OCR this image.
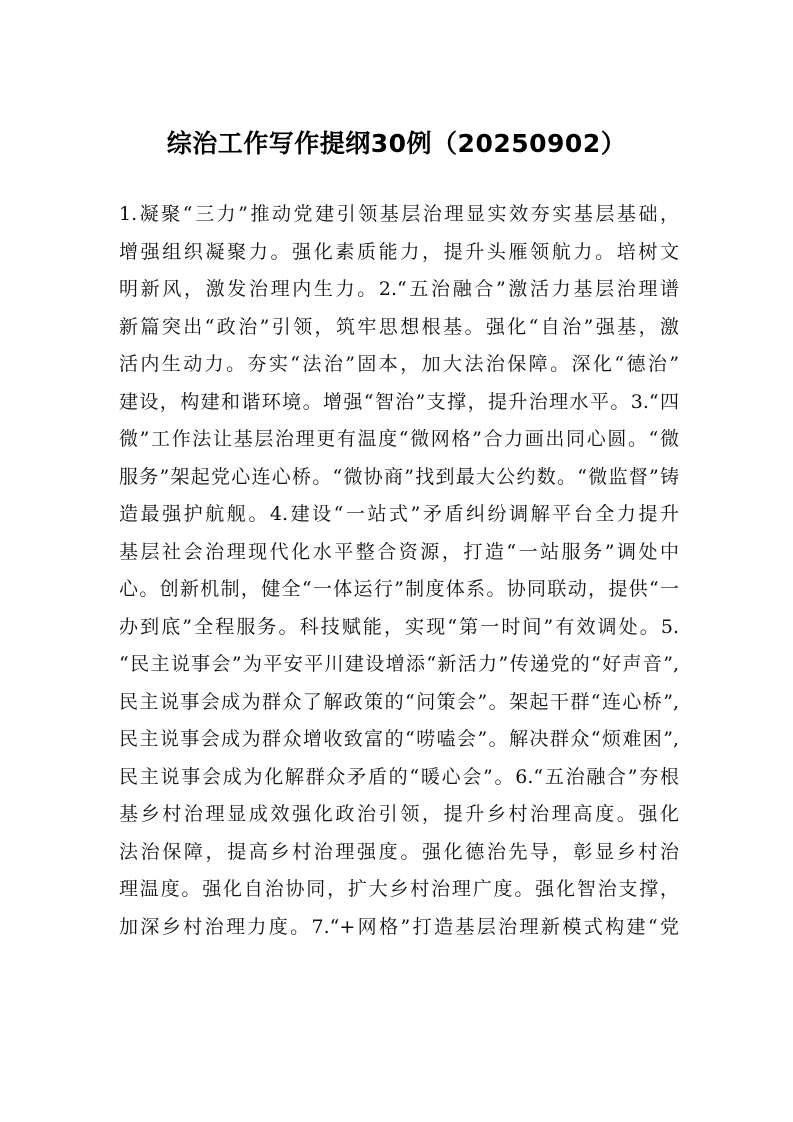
综治工作写作提纲30例（20250902）
1.凝聚“三力”推动党建引领基层治理显实效夯实基层基础，
增强组织凝聚力。强化素质能力，提升头雁领航力。培树文
明新风，激发治理内生力。2.“五治融合”激活力基层治理谱
新篇突出“政治”引领，筑牢思想根基。强化“自治”强基，激
活内生动力。夯实“法治”固本，加大法治保障。深化“德治”
建设，构建和谐环境。增强“智治”支撑，提升治理水平。3.“四
微”工作法让基层治理更有温度“微网格”合力画出同心圆。“微
服务”架起党心连心桥。“微协商”找到最大公约数。“微监督”铸
造最强护航舰。4.建设“一站式”矛盾纠纷调解平台全力提升
基层社会治理现代化水平整合资源，打造“一站服务”调处中
心。创新机制，健全“一体运行”制度体系。协同联动，提供“一
办到底”全程服务。科技赋能，实现“第一时间”有效调处。5.
“民主说事会”为平安平川建设增添“新活力”传递党的“好声音”,
民主说事会成为群众了解政策的“问策会”。架起干群“连心桥”,
民主说事会成为群众增收致富的“唠嗑会”。解决群众“烦难困”,
民主说事会成为化解群众矛盾的“暖心会”。6.“五治融合”夯根
基乡村治理显成效强化政治引领，提升乡村治理高度。强化
法治保障，提高乡村治理强度。强化德治先导，彰显乡村治
理温度。强化自治协同，扩大乡村治理广度。强化智治支撑，
加深乡村治理力度。7.“+网格”打造基层治理新模式构建“党
